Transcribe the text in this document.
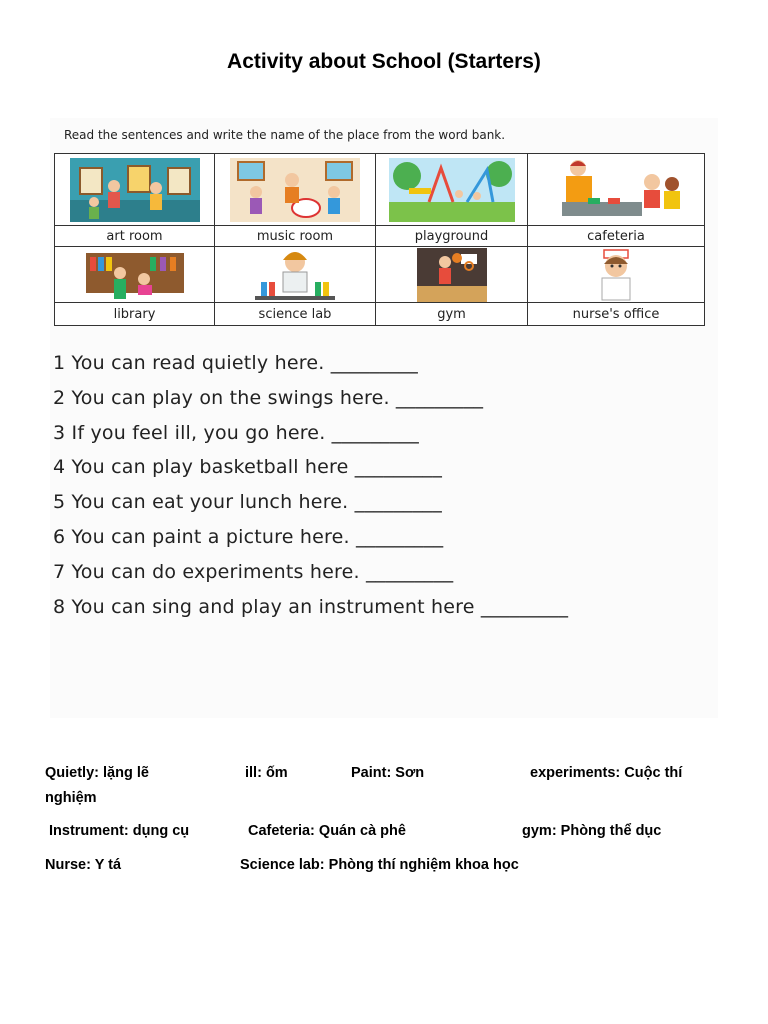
Activity about School (Starters)
Read the sentences and write the name of the place from the word bank.
art room	music room	playground	cafeteria
library	science lab	gym	nurse's office
1 You can read quietly here. _________
2 You can play on the swings here. _________
3 If you feel ill, you go here. _________
4 You can play basketball here _________
5 You can eat your lunch here. _________
6 You can paint a picture here. _________
7 You can do experiments here. _________
8 You can sing and play an instrument here _________
Quietly: lặng lẽ	ill: ốm	Paint: Sơn	experiments: Cuộc thí
nghiệm
Instrument: dụng cụ	Cafeteria: Quán cà phê	gym: Phòng thể dục
Nurse: Y tá	Science lab: Phòng thí nghiệm khoa học
